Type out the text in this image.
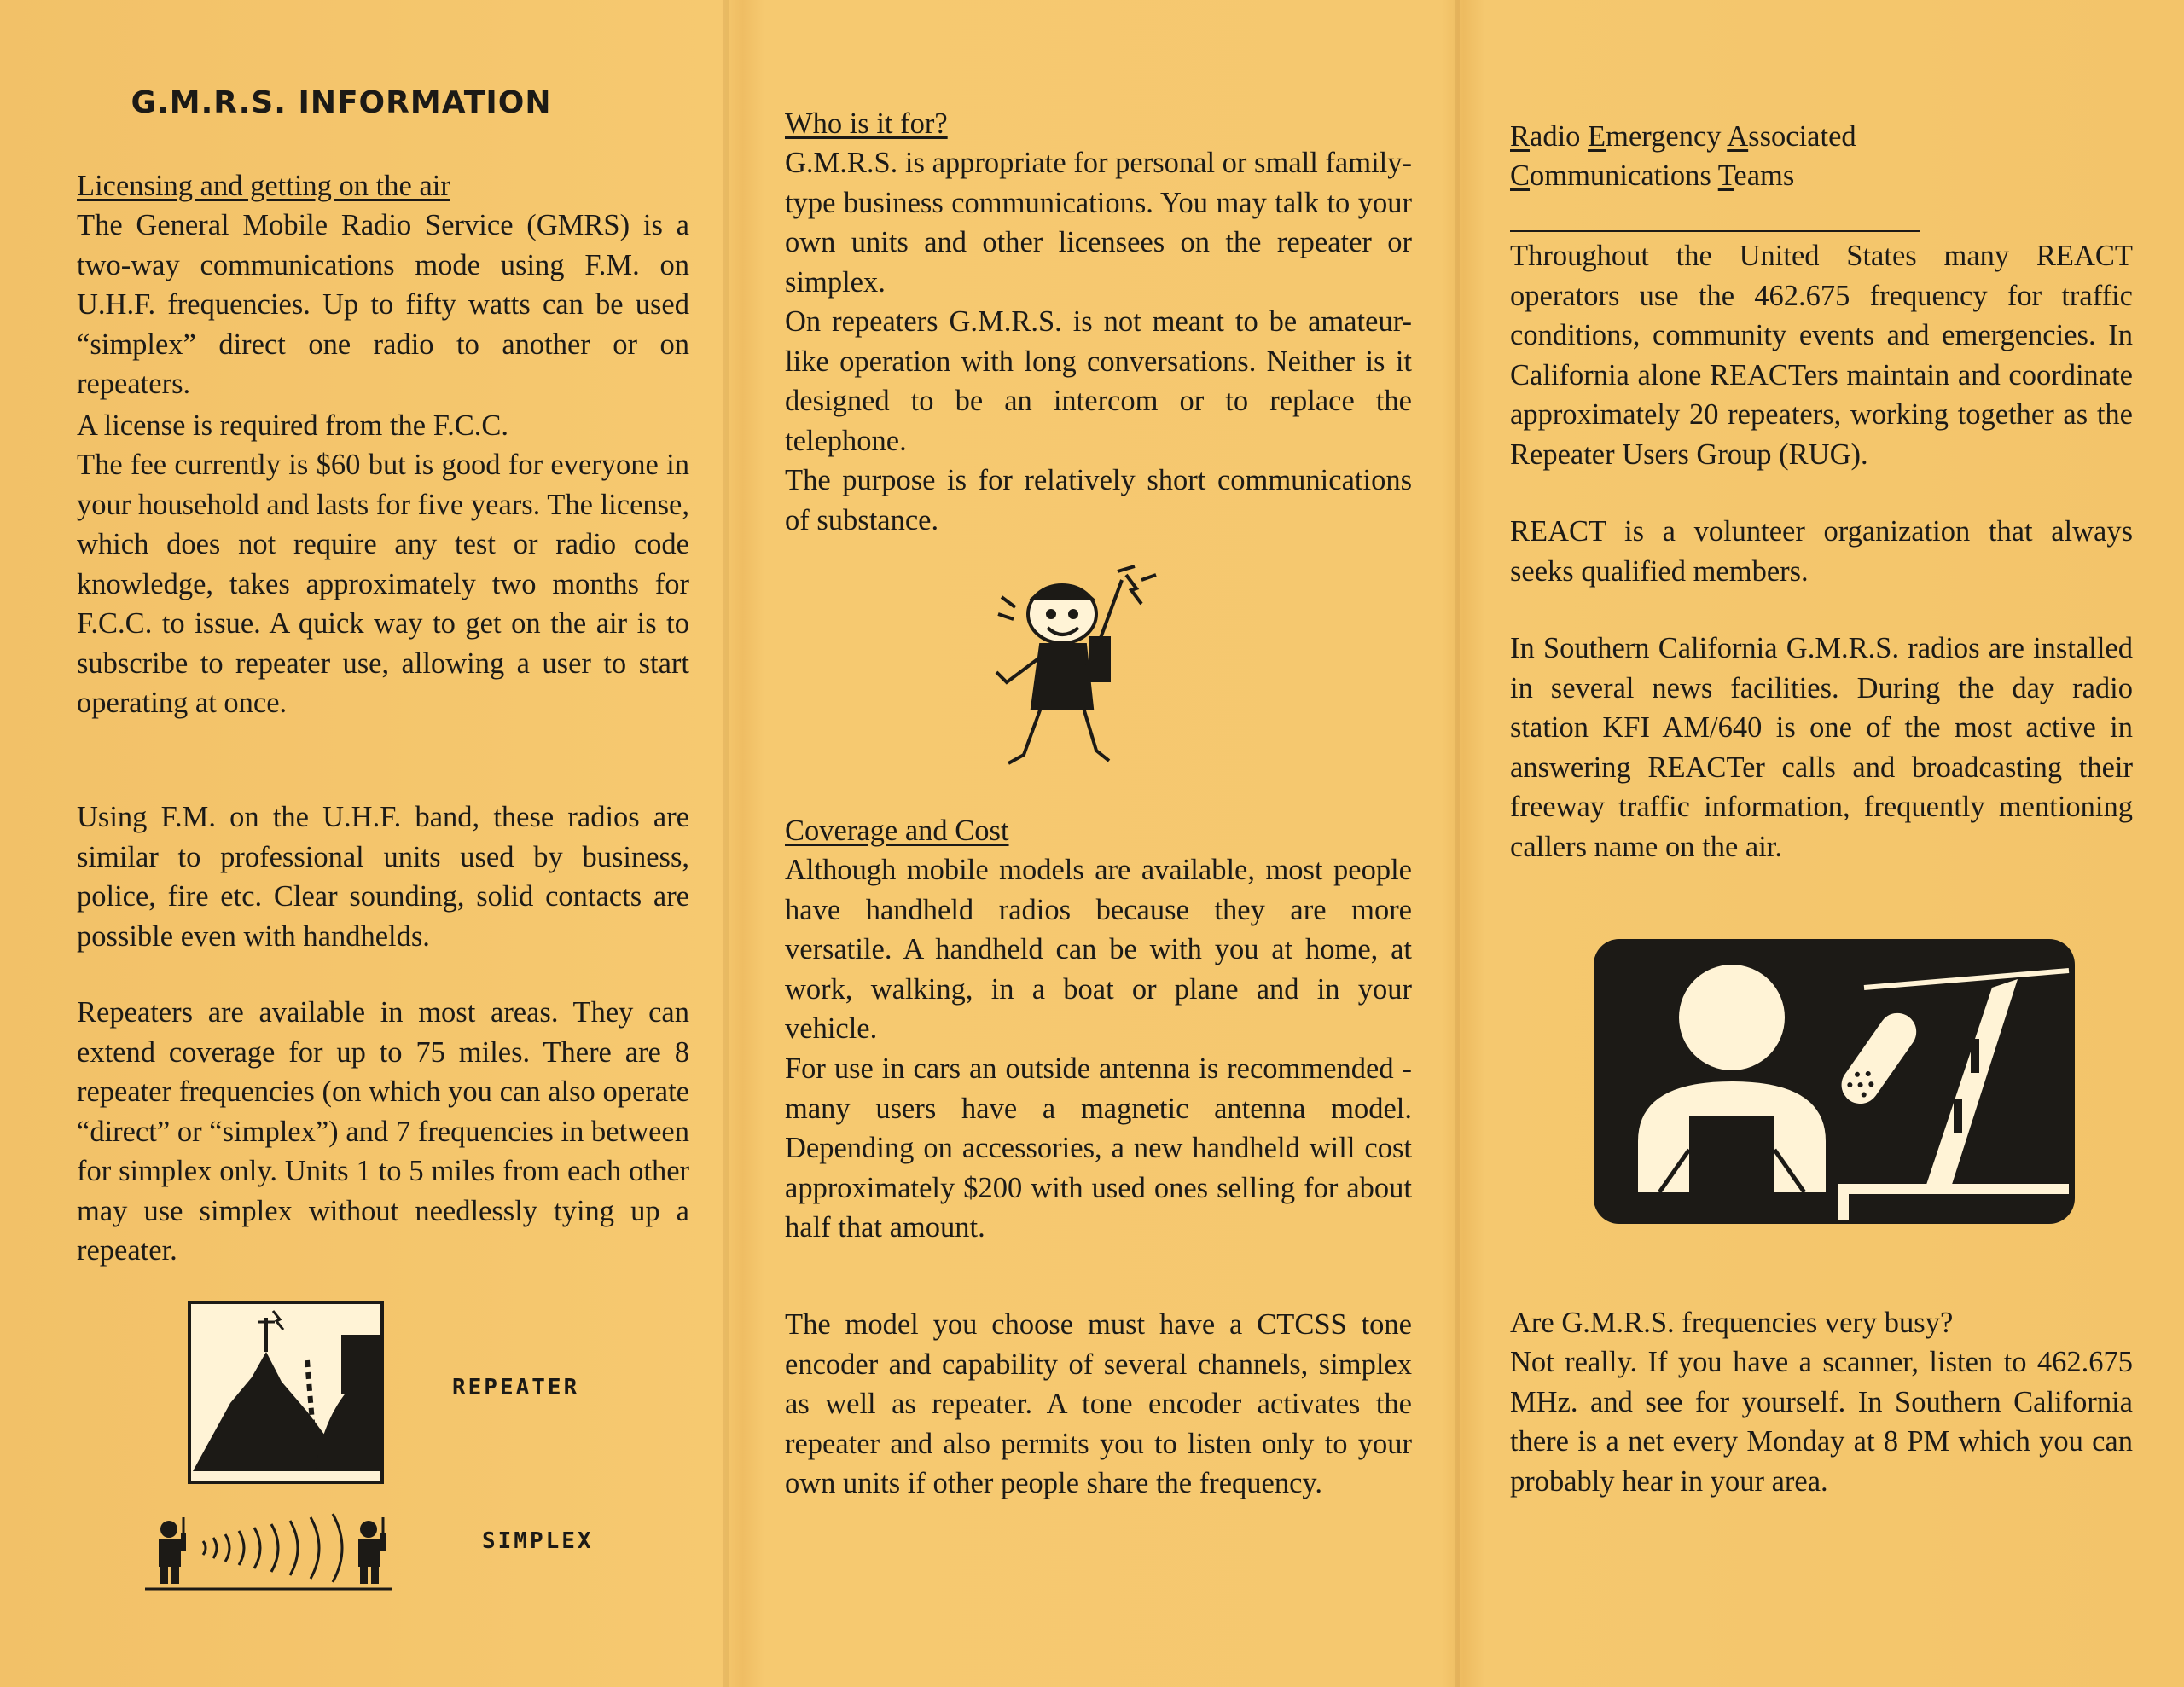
G.M.R.S. INFORMATION

Licensing and getting on the air

The General Mobile Radio Service (GMRS) is a two-way communications mode using F.M. on U.H.F. frequencies. Up to fifty watts can be used “simplex” direct one radio to another or on repeaters.

A license is required from the F.C.C.

The fee currently is $60 but is good for everyone in your household and lasts for five years. The license, which does not require any test or radio code knowledge, takes approximately two months for F.C.C. to issue. A quick way to get on the air is to subscribe to repeater use, allowing a user to start operating at once.

Using F.M. on the U.H.F. band, these radios are similar to professional units used by business, police, fire etc. Clear sounding, solid contacts are possible even with handhelds.

Repeaters are available in most areas. They can extend coverage for up to 75 miles. There are 8 repeater frequencies (on which you can also operate “direct” or “simplex”) and 7 frequencies in between for simplex only. Units 1 to 5 miles from each other may use simplex without needlessly tying up a repeater.

REPEATER
SIMPLEX

Who is it for?

G.M.R.S. is appropriate for personal or small family-type business communications. You may talk to your own units and other licensees on the repeater or simplex.

On repeaters G.M.R.S. is not meant to be amateur-like operation with long conversations. Neither is it designed to be an intercom or to replace the telephone.

The purpose is for relatively short communications of substance.

Coverage and Cost

Although mobile models are available, most people have handheld radios because they are more versatile. A handheld can be with you at home, at work, walking, in a boat or plane and in your vehicle.

For use in cars an outside antenna is recommended - many users have a magnetic antenna model. Depending on accessories, a new handheld will cost approximately $200 with used ones selling for about half that amount.

The model you choose must have a CTCSS tone encoder and capability of several channels, simplex as well as repeater. A tone encoder activates the repeater and also permits you to listen only to your own units if other people share the frequency.

Radio Emergency Associated

Communications Teams

Throughout the United States many REACT operators use the 462.675 frequency for traffic conditions, community events and emergencies. In California alone REACTers maintain and coordinate approximately 20 repeaters, working together as the Repeater Users Group (RUG).

REACT is a volunteer organization that always seeks qualified members.

In Southern California G.M.R.S. radios are installed in several news facilities. During the day radio station KFI AM/640 is one of the most active in answering REACTer calls and broadcasting their freeway traffic information, frequently mentioning callers name on the air.

Are G.M.R.S. frequencies very busy?

Not really. If you have a scanner, listen to 462.675 MHz. and see for yourself. In Southern California there is a net every Monday at 8 PM which you can probably hear in your area.
